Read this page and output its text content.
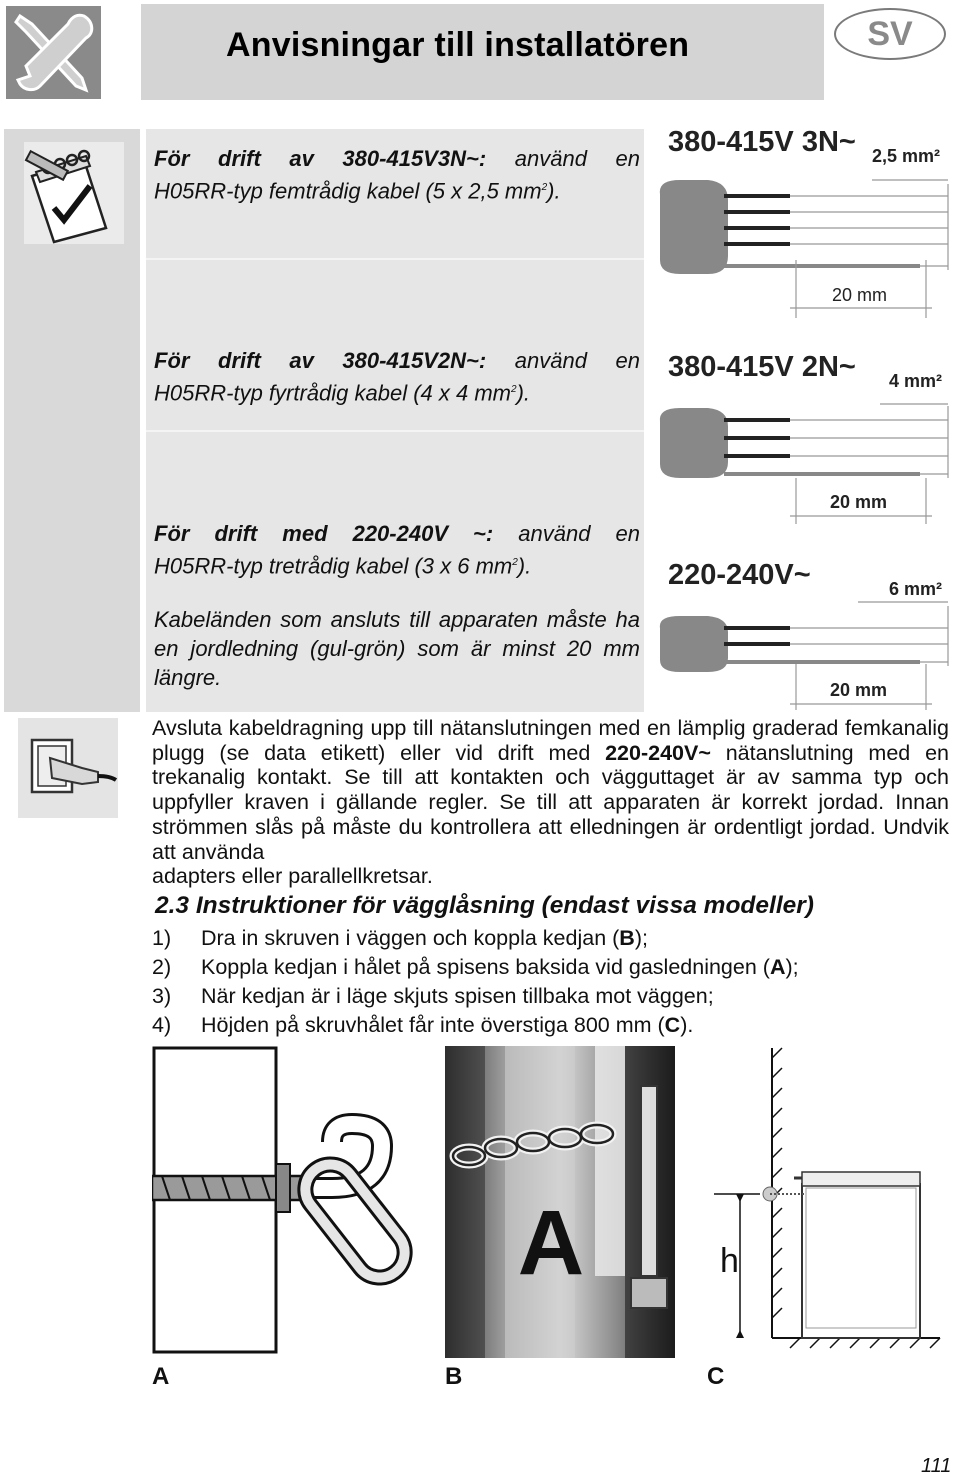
Anvisningar till installatören	SV
För drift av 380-415V3N~: använd en
H05RR-typ femtrådig kabel (5 x 2,5 $mm^2$).
För drift av 380-415V2N~: använd en
H05RR-typ fyrtrådig kabel (4 x 4 $mm^2$).
För drift med 220-240V ~: använd en
H05RR-typ tretrådig kabel (3 x 6 $mm^2$).
Kabeländen som ansluts till apparaten måste ha en jordledning (gul-grön) som är minst 20 mm längre.
380-415V 3N~ 2,5 mm²
20 mm
380-415V 2N~ 4 mm²
20 mm
220-240V~	6 mm²
20 mm
Avsluta kabeldragning upp till nätanslutningen med en lämplig graderad femkanalig plugg (se data etikett) eller vid drift med 220-240V~ nätanslutning med en trekanalig kontakt. Se till att kontakten och vägguttaget är av samma typ och uppfyller kraven i gällande regler. Se till att apparaten är korrekt jordad. Innan strömmen slås på måste du kontrollera att elledningen är ordentligt jordad. Undvik att använda
adapters eller parallellkretsar.
2.3 Instruktioner för vägglåsning (endast vissa modeller)
1) Dra in skruven i väggen och koppla kedjan (B);
2) Koppla kedjan i hålet på spisens baksida vid gasledningen (A);
3) När kedjan är i läge skjuts spisen tillbaka mot väggen;
4) Höjden på skruvhålet får inte överstiga 800 mm (C).
A	h
A	B	C
111
